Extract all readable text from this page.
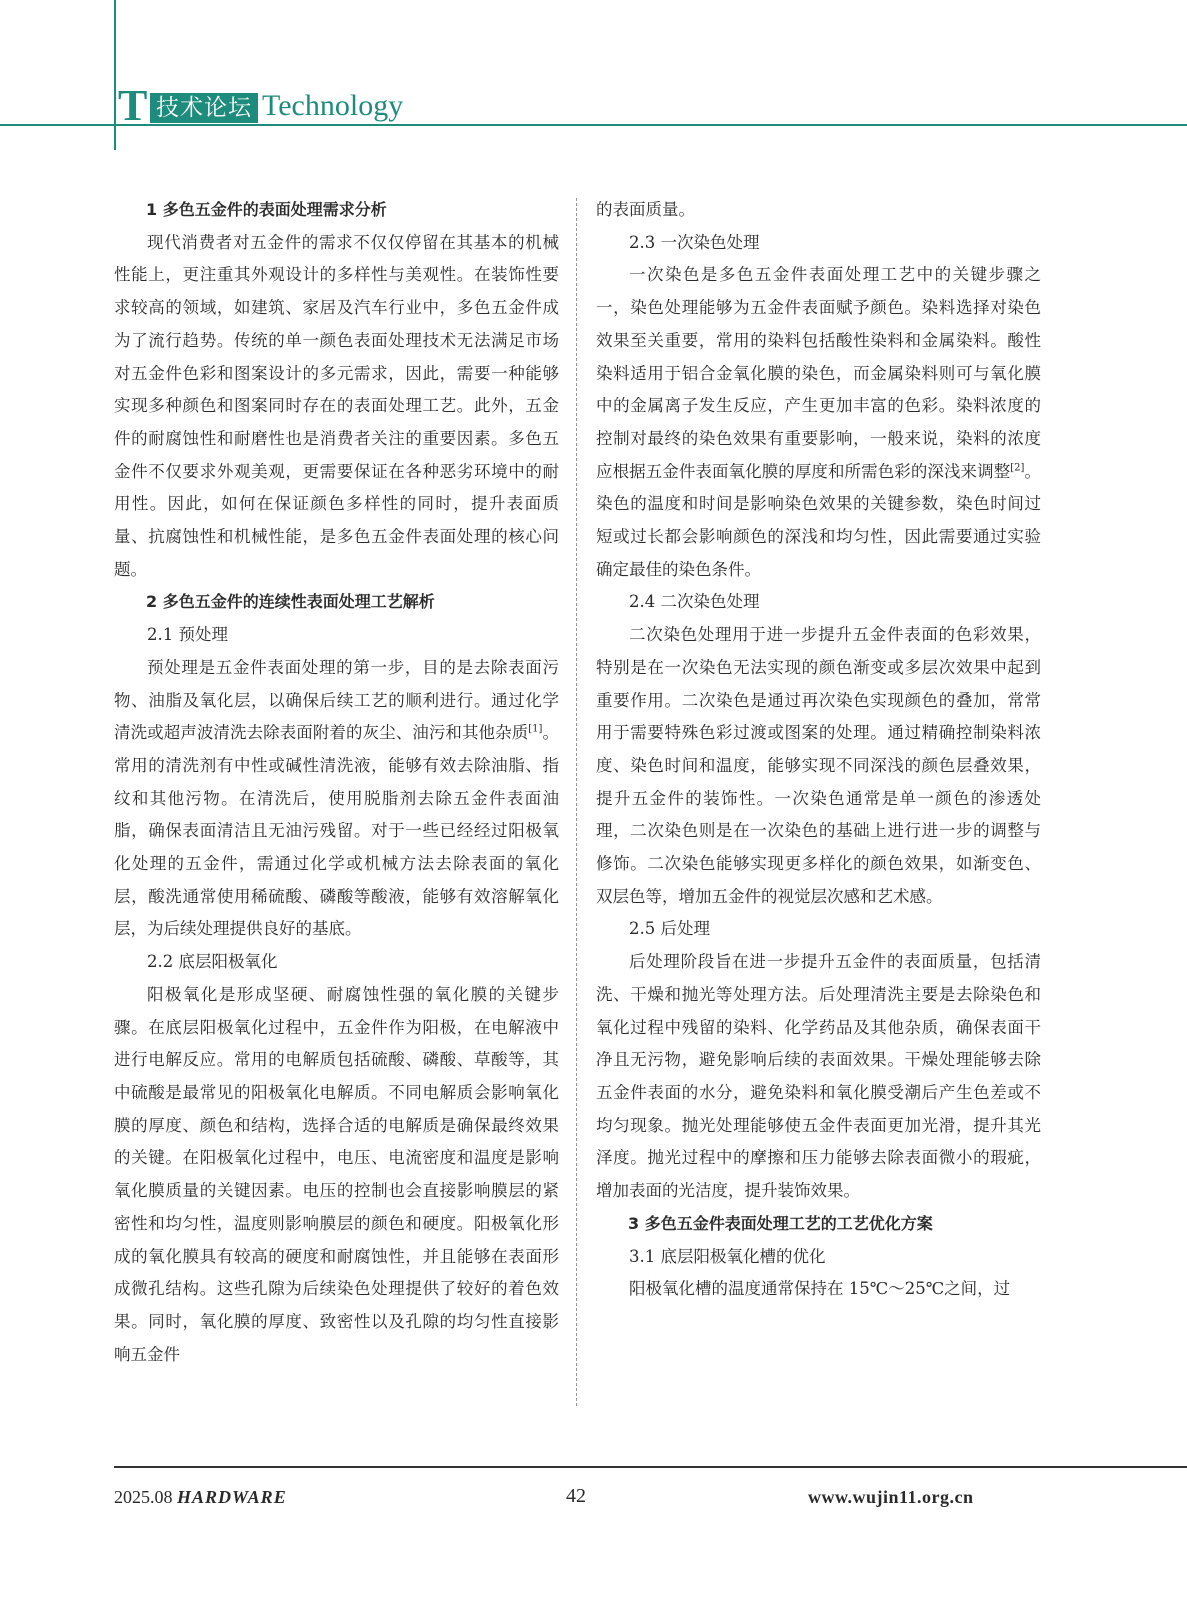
T 技术论坛 Technology

1 多色五金件的表面处理需求分析

现代消费者对五金件的需求不仅仅停留在其基本的机械性能上，更注重其外观设计的多样性与美观性。在装饰性要求较高的领域，如建筑、家居及汽车行业中，多色五金件成为了流行趋势。传统的单一颜色表面处理技术无法满足市场对五金件色彩和图案设计的多元需求，因此，需要一种能够实现多种颜色和图案同时存在的表面处理工艺。此外，五金件的耐腐蚀性和耐磨性也是消费者关注的重要因素。多色五金件不仅要求外观美观，更需要保证在各种恶劣环境中的耐用性。因此，如何在保证颜色多样性的同时，提升表面质量、抗腐蚀性和机械性能，是多色五金件表面处理的核心问题。

2 多色五金件的连续性表面处理工艺解析

2.1 预处理

预处理是五金件表面处理的第一步，目的是去除表面污物、油脂及氧化层，以确保后续工艺的顺利进行。通过化学清洗或超声波清洗去除表面附着的灰尘、油污和其他杂质[1]。常用的清洗剂有中性或碱性清洗液，能够有效去除油脂、指纹和其他污物。在清洗后，使用脱脂剂去除五金件表面油脂，确保表面清洁且无油污残留。对于一些已经经过阳极氧化处理的五金件，需通过化学或机械方法去除表面的氧化层，酸洗通常使用稀硫酸、磷酸等酸液，能够有效溶解氧化层，为后续处理提供良好的基底。

2.2 底层阳极氧化

阳极氧化是形成坚硬、耐腐蚀性强的氧化膜的关键步骤。在底层阳极氧化过程中，五金件作为阳极，在电解液中进行电解反应。常用的电解质包括硫酸、磷酸、草酸等，其中硫酸是最常见的阳极氧化电解质。不同电解质会影响氧化膜的厚度、颜色和结构，选择合适的电解质是确保最终效果的关键。在阳极氧化过程中，电压、电流密度和温度是影响氧化膜质量的关键因素。电压的控制也会直接影响膜层的紧密性和均匀性，温度则影响膜层的颜色和硬度。阳极氧化形成的氧化膜具有较高的硬度和耐腐蚀性，并且能够在表面形成微孔结构。这些孔隙为后续染色处理提供了较好的着色效果。同时，氧化膜的厚度、致密性以及孔隙的均匀性直接影响五金件

的表面质量。

2.3 一次染色处理

一次染色是多色五金件表面处理工艺中的关键步骤之一，染色处理能够为五金件表面赋予颜色。染料选择对染色效果至关重要，常用的染料包括酸性染料和金属染料。酸性染料适用于铝合金氧化膜的染色，而金属染料则可与氧化膜中的金属离子发生反应，产生更加丰富的色彩。染料浓度的控制对最终的染色效果有重要影响，一般来说，染料的浓度应根据五金件表面氧化膜的厚度和所需色彩的深浅来调整[2]。染色的温度和时间是影响染色效果的关键参数，染色时间过短或过长都会影响颜色的深浅和均匀性，因此需要通过实验确定最佳的染色条件。

2.4 二次染色处理

二次染色处理用于进一步提升五金件表面的色彩效果，特别是在一次染色无法实现的颜色渐变或多层次效果中起到重要作用。二次染色是通过再次染色实现颜色的叠加，常常用于需要特殊色彩过渡或图案的处理。通过精确控制染料浓度、染色时间和温度，能够实现不同深浅的颜色层叠效果，提升五金件的装饰性。一次染色通常是单一颜色的渗透处理，二次染色则是在一次染色的基础上进行进一步的调整与修饰。二次染色能够实现更多样化的颜色效果，如渐变色、双层色等，增加五金件的视觉层次感和艺术感。

2.5 后处理

后处理阶段旨在进一步提升五金件的表面质量，包括清洗、干燥和抛光等处理方法。后处理清洗主要是去除染色和氧化过程中残留的染料、化学药品及其他杂质，确保表面干净且无污物，避免影响后续的表面效果。干燥处理能够去除五金件表面的水分，避免染料和氧化膜受潮后产生色差或不均匀现象。抛光处理能够使五金件表面更加光滑，提升其光泽度。抛光过程中的摩擦和压力能够去除表面微小的瑕疵，增加表面的光洁度，提升装饰效果。

3 多色五金件表面处理工艺的工艺优化方案

3.1 底层阳极氧化槽的优化

阳极氧化槽的温度通常保持在 15℃～25℃之间，过

2025.08 HARDWARE	42	www.wujin11.org.cn
